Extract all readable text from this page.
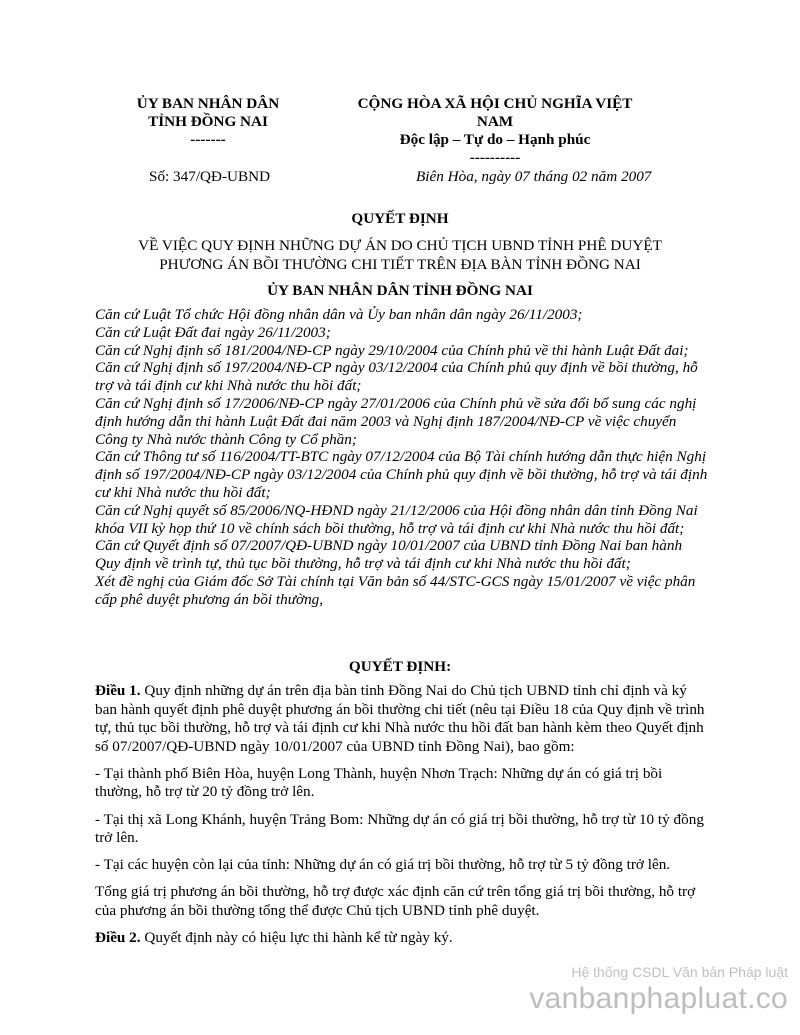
ỦY BAN NHÂN DÂN
TỈNH ĐỒNG NAI
-------
CỘNG HÒA XÃ HỘI CHỦ NGHĨA VIỆT
NAM
Độc lập – Tự do – Hạnh phúc
----------
Số: 347/QĐ-UBND	Biên Hòa, ngày 07 tháng 02 năm 2007
QUYẾT ĐỊNH
VỀ VIỆC QUY ĐỊNH NHỮNG DỰ ÁN DO CHỦ TỊCH UBND TỈNH PHÊ DUYỆT
PHƯƠNG ÁN BỒI THƯỜNG CHI TIẾT TRÊN ĐỊA BÀN TỈNH ĐỒNG NAI
ỦY BAN NHÂN DÂN TỈNH ĐỒNG NAI

Căn cứ Luật Tổ chức Hội đồng nhân dân và Ủy ban nhân dân ngày 26/11/2003;

Căn cứ Luật Đất đai ngày 26/11/2003;

Căn cứ Nghị định số 181/2004/NĐ-CP ngày 29/10/2004 của Chính phủ về thi hành Luật Đất đai;

Căn cứ Nghị định số 197/2004/NĐ-CP ngày 03/12/2004 của Chính phủ quy định về bồi thường, hỗ trợ và tái định cư khi Nhà nước thu hồi đất;

Căn cứ Nghị định số 17/2006/NĐ-CP ngày 27/01/2006 của Chính phủ về sửa đổi bổ sung các nghị định hướng dẫn thi hành Luật Đất đai năm 2003 và Nghị định 187/2004/NĐ-CP về việc chuyển Công ty Nhà nước thành Công ty Cổ phần;

Căn cứ Thông tư số 116/2004/TT-BTC ngày 07/12/2004 của Bộ Tài chính hướng dẫn thực hiện Nghị định số 197/2004/NĐ-CP ngày 03/12/2004 của Chính phủ quy định về bồi thường, hỗ trợ và tái định cư khi Nhà nước thu hồi đất;

Căn cứ Nghị quyết số 85/2006/NQ-HĐND ngày 21/12/2006 của Hội đồng nhân dân tỉnh Đồng Nai khóa VII kỳ họp thứ 10 về chính sách bồi thường, hỗ trợ và tái định cư khi Nhà nước thu hồi đất;

Căn cứ Quyết định số 07/2007/QĐ-UBND ngày 10/01/2007 của UBND tỉnh Đồng Nai ban hành Quy định về trình tự, thủ tục bồi thường, hỗ trợ và tái định cư khi Nhà nước thu hồi đất;

Xét đề nghị của Giám đốc Sở Tài chính tại Văn bản số 44/STC-GCS ngày 15/01/2007 về việc phân cấp phê duyệt phương án bồi thường,

QUYẾT ĐỊNH:

Điều 1. Quy định những dự án trên địa bàn tỉnh Đồng Nai do Chủ tịch UBND tỉnh chỉ định và ký ban hành quyết định phê duyệt phương án bồi thường chi tiết (nêu tại Điều 18 của Quy định về trình tự, thủ tục bồi thường, hỗ trợ và tái định cư khi Nhà nước thu hồi đất ban hành kèm theo Quyết định số 07/2007/QĐ-UBND ngày 10/01/2007 của UBND tỉnh Đồng Nai), bao gồm:

- Tại thành phố Biên Hòa, huyện Long Thành, huyện Nhơn Trạch: Những dự án có giá trị bồi thường, hỗ trợ từ 20 tỷ đồng trở lên.

- Tại thị xã Long Khánh, huyện Trảng Bom: Những dự án có giá trị bồi thường, hỗ trợ từ 10 tỷ đồng trở lên.

- Tại các huyện còn lại của tỉnh: Những dự án có giá trị bồi thường, hỗ trợ từ 5 tỷ đồng trở lên.

Tổng giá trị phương án bồi thường, hỗ trợ được xác định căn cứ trên tổng giá trị bồi thường, hỗ trợ của phương án bồi thường tổng thể được Chủ tịch UBND tỉnh phê duyệt.

Điều 2. Quyết định này có hiệu lực thi hành kể từ ngày ký.

Hệ thống CSDL Văn bản Pháp luật
vanbanphapluat.co
